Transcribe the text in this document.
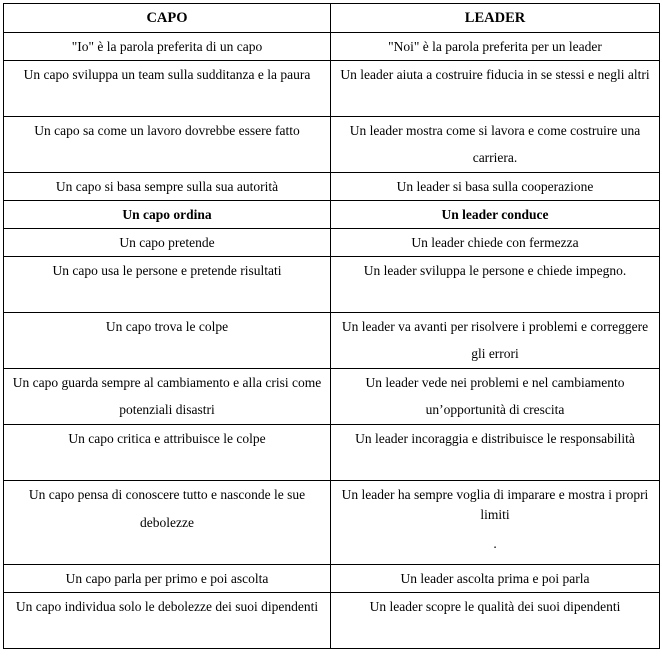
CAPO	LEADER
"Io" è la parola preferita di un capo	"Noi" è la parola preferita per un leader
Un capo sviluppa un team sulla sudditanza e la paura	Un leader aiuta a costruire fiducia in se stessi e negli altri
Un capo sa come un lavoro dovrebbe essere fatto	Un leader mostra come si lavora e come costruire una carriera.
Un capo si basa sempre sulla sua autorità	Un leader si basa sulla cooperazione
Un capo ordina	Un leader conduce
Un capo pretende	Un leader chiede con fermezza
Un capo usa le persone e pretende risultati	Un leader sviluppa le persone e chiede impegno.
Un capo trova le colpe	Un leader va avanti per risolvere i problemi e correggere gli errori
Un capo guarda sempre al cambiamento e alla crisi come potenziali disastri	Un leader vede nei problemi e nel cambiamento un’opportunità di crescita
Un capo critica e attribuisce le colpe	Un leader incoraggia e distribuisce le responsabilità
Un capo pensa di conoscere tutto e nasconde le sue debolezze	Un leader ha sempre voglia di imparare e mostra i propri limiti
.

Un capo parla per primo e poi ascolta	Un leader ascolta prima e poi parla
Un capo individua solo le debolezze dei suoi dipendenti	Un leader scopre le qualità dei suoi dipendenti
